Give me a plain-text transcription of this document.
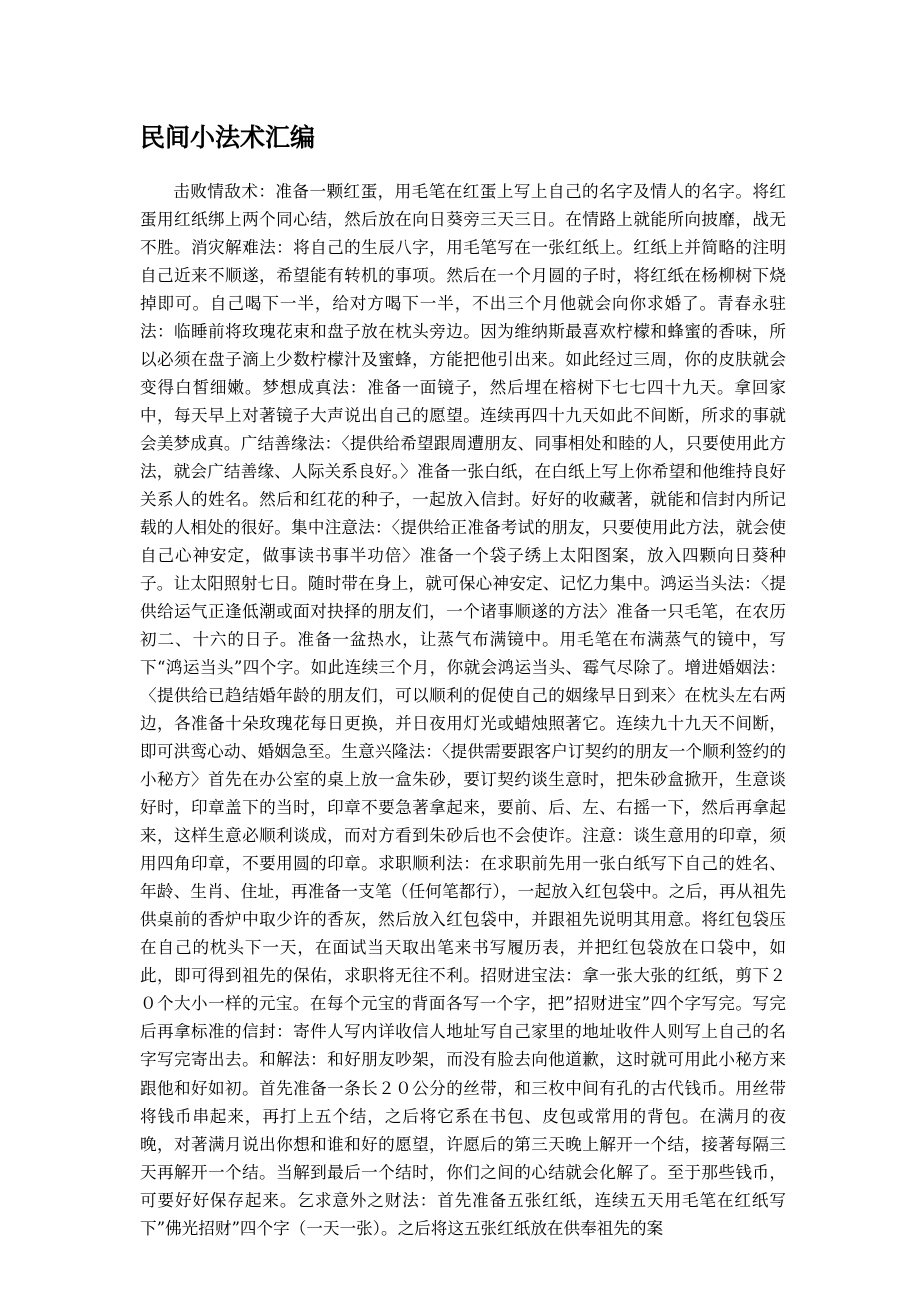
民间小法术汇编

击败情敌术：准备一颗红蛋，用毛笔在红蛋上写上自己的名字及情人的名字。将红蛋用红纸绑上两个同心结，然后放在向日葵旁三天三日。在情路上就能所向披靡，战无不胜。消灾解难法：将自己的生辰八字，用毛笔写在一张红纸上。红纸上并简略的注明自己近来不顺遂，希望能有转机的事项。然后在一个月圆的子时，将红纸在杨柳树下烧掉即可。自己喝下一半，给对方喝下一半，不出三个月他就会向你求婚了。青春永驻法：临睡前将玫瑰花束和盘子放在枕头旁边。因为维纳斯最喜欢柠檬和蜂蜜的香味，所以必须在盘子滴上少数柠檬汁及蜜蜂，方能把他引出来。如此经过三周，你的皮肤就会变得白皙细嫩。梦想成真法：准备一面镜子，然后埋在榕树下七七四十九天。拿回家中，每天早上对著镜子大声说出自己的愿望。连续再四十九天如此不间断，所求的事就会美梦成真。广结善缘法：〈提供给希望跟周遭朋友、同事相处和睦的人，只要使用此方法，就会广结善缘、人际关系良好。〉准备一张白纸，在白纸上写上你希望和他维持良好关系人的姓名。然后和红花的种子，一起放入信封。好好的收藏著，就能和信封内所记载的人相处的很好。集中注意法：〈提供给正准备考试的朋友，只要使用此方法，就会使自己心神安定，做事读书事半功倍〉准备一个袋子绣上太阳图案，放入四颗向日葵种子。让太阳照射七日。随时带在身上，就可保心神安定、记忆力集中。鸿运当头法：〈提供给运气正逢低潮或面对抉择的朋友们，一个诸事顺遂的方法〉准备一只毛笔，在农历初二、十六的日子。准备一盆热水，让蒸气布满镜中。用毛笔在布满蒸气的镜中，写下“鸿运当头”四个字。如此连续三个月，你就会鸿运当头、霉气尽除了。增进婚姻法：〈提供给已趋结婚年龄的朋友们，可以顺利的促使自己的姻缘早日到来〉在枕头左右两边，各准备十朵玫瑰花每日更换，并日夜用灯光或蜡烛照著它。连续九十九天不间断，即可洪鸾心动、婚姻急至。生意兴隆法：〈提供需要跟客户订契约的朋友一个顺利签约的小秘方〉首先在办公室的桌上放一盒朱砂，要订契约谈生意时，把朱砂盒掀开，生意谈好时，印章盖下的当时，印章不要急著拿起来，要前、后、左、右摇一下，然后再拿起来，这样生意必顺利谈成，而对方看到朱砂后也不会使诈。注意：谈生意用的印章，须用四角印章，不要用圆的印章。求职顺利法：在求职前先用一张白纸写下自己的姓名、年龄、生肖、住址，再准备一支笔（任何笔都行），一起放入红包袋中。之后，再从祖先供桌前的香炉中取少许的香灰，然后放入红包袋中，并跟祖先说明其用意。将红包袋压在自己的枕头下一天，在面试当天取出笔来书写履历表，并把红包袋放在口袋中，如此，即可得到祖先的保佑，求职将无往不利。招财进宝法：拿一张大张的红纸，剪下２０个大小一样的元宝。在每个元宝的背面各写一个字，把”招财进宝”四个字写完。写完后再拿标准的信封：寄件人写内详收信人地址写自己家里的地址收件人则写上自己的名字写完寄出去。和解法：和好朋友吵架，而没有脸去向他道歉，这时就可用此小秘方来跟他和好如初。首先准备一条长２０公分的丝带，和三枚中间有孔的古代钱币。用丝带将钱币串起来，再打上五个结，之后将它系在书包、皮包或常用的背包。在满月的夜晚，对著满月说出你想和谁和好的愿望，许愿后的第三天晚上解开一个结，接著每隔三天再解开一个结。当解到最后一个结时，你们之间的心结就会化解了。至于那些钱币，可要好好保存起来。乞求意外之财法：首先准备五张红纸，连续五天用毛笔在红纸写下”佛光招财”四个字（一天一张）。之后将这五张红纸放在供奉祖先的案
